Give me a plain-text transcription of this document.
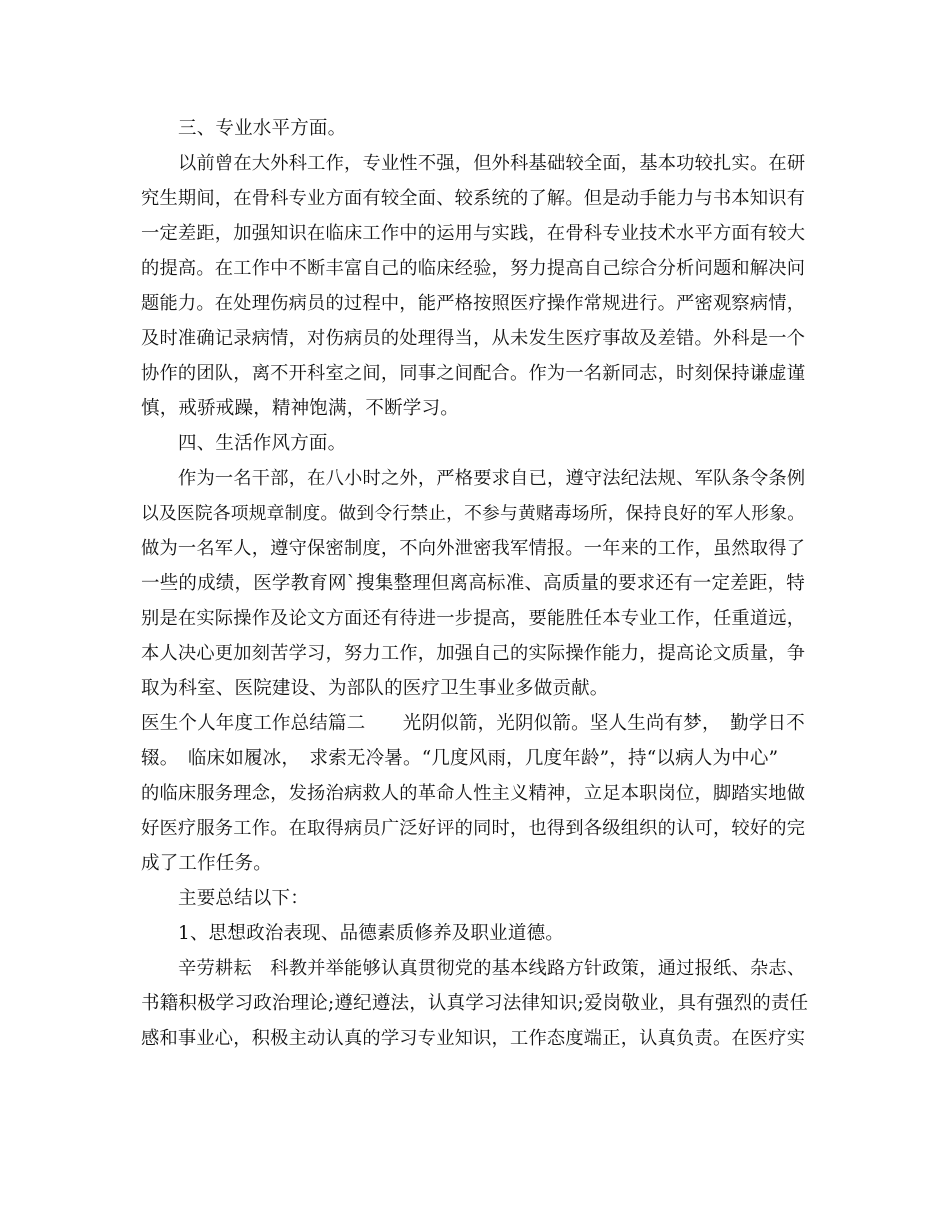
三、专业水平方面。
以前曾在大外科工作，专业性不强，但外科基础较全面，基本功较扎实。在研
究生期间，在骨科专业方面有较全面、较系统的了解。但是动手能力与书本知识有
一定差距，加强知识在临床工作中的运用与实践，在骨科专业技术水平方面有较大
的提高。在工作中不断丰富自己的临床经验，努力提高自己综合分析问题和解决问
题能力。在处理伤病员的过程中，能严格按照医疗操作常规进行。严密观察病情，
及时准确记录病情，对伤病员的处理得当，从未发生医疗事故及差错。外科是一个
协作的团队，离不开科室之间，同事之间配合。作为一名新同志，时刻保持谦虚谨
慎，戒骄戒躁，精神饱满，不断学习。
四、生活作风方面。
作为一名干部，在八小时之外，严格要求自已，遵守法纪法规、军队条令条例
以及医院各项规章制度。做到令行禁止，不参与黄赌毒场所，保持良好的军人形象。
做为一名军人，遵守保密制度，不向外泄密我军情报。一年来的工作，虽然取得了
一些的成绩，医学教育网`搜集整理但离高标准、高质量的要求还有一定差距，特
别是在实际操作及论文方面还有待进一步提高，要能胜任本专业工作，任重道远，
本人决心更加刻苦学习，努力工作，加强自己的实际操作能力，提高论文质量，争
取为科室、医院建设、为部队的医疗卫生事业多做贡献。
医生个人年度工作总结篇二　　光阴似箭，光阴似箭。坚人生尚有梦，　勤学日不
辍。　临床如履冰，　求索无冷暑。“几度风雨，几度年龄”，持“以病人为中心”
的临床服务理念，发扬治病救人的革命人性主义精神，立足本职岗位，脚踏实地做
好医疗服务工作。在取得病员广泛好评的同时，也得到各级组织的认可，较好的完
成了工作任务。
主要总结以下：
1、思想政治表现、品德素质修养及职业道德。
辛劳耕耘　科教并举能够认真贯彻党的基本线路方针政策，通过报纸、杂志、
书籍积极学习政治理论;遵纪遵法，认真学习法律知识;爱岗敬业，具有强烈的责任
感和事业心，积极主动认真的学习专业知识，工作态度端正，认真负责。在医疗实
